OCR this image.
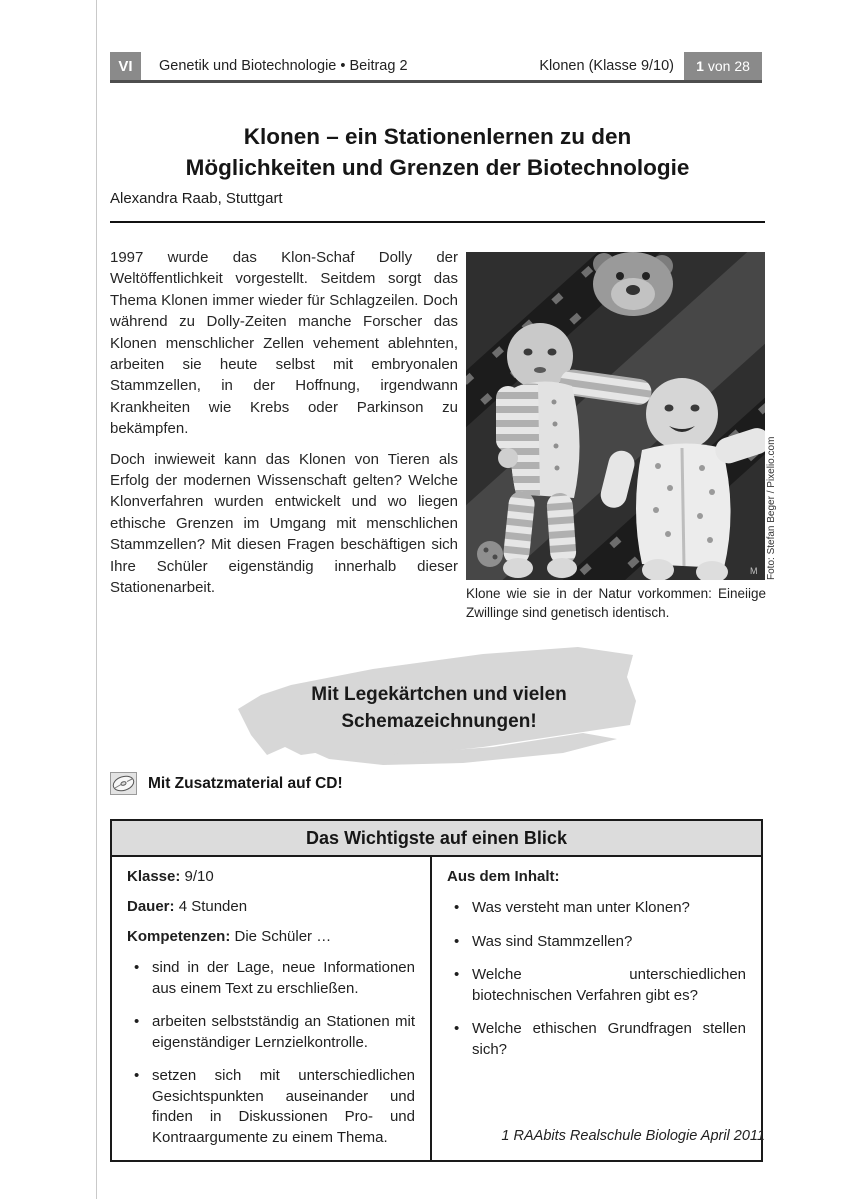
VI Genetik und Biotechnologie • Beitrag 2	Klonen (Klasse 9/10) 1 von 28
Klonen – ein Stationenlernen zu den
Möglichkeiten und Grenzen der Biotechnologie
Alexandra Raab, Stuttgart

1997 wurde das Klon-Schaf Dolly der Weltöffentlichkeit vorgestellt. Seitdem sorgt das Thema Klonen immer wieder für Schlagzeilen. Doch während zu Dolly-Zeiten manche Forscher das Klonen menschlicher Zellen vehement ablehnten, arbeiten sie heute selbst mit embryonalen Stammzellen, in der Hoffnung, irgendwann Krankheiten wie Krebs oder Parkinson zu bekämpfen.

Doch inwieweit kann das Klonen von Tieren als Erfolg der modernen Wissenschaft gelten? Welche Klonverfahren wurden entwickelt und wo liegen ethische Grenzen im Umgang mit menschlichen Stammzellen? Mit diesen Fragen beschäftigen sich Ihre Schüler eigenständig innerhalb dieser Stationenarbeit.

M Foto: Stefan Beger / Pixelio.com
Klone wie sie in der Natur vorkommen: Eineiige Zwillinge sind genetisch identisch.
Mit Legekärtchen und vielen
Schemazeichnungen!
Mit Zusatzmaterial auf CD!
Das Wichtigste auf einen Blick

Klasse: 9/10

Dauer: 4 Stunden

Kompetenzen: Die Schüler …

• sind in der Lage, neue Informationen aus einem Text zu erschließen.
• arbeiten selbstständig an Stationen mit eigenständiger Lernzielkontrolle.
• setzen sich mit unterschiedlichen Gesichtspunkten auseinander und finden in Diskussionen Pro- und Kontraargumente zu einem Thema.

Aus dem Inhalt:

• Was versteht man unter Klonen?
• Was sind Stammzellen?
• Welche unterschiedlichen biotechnischen Verfahren gibt es?
• Welche ethischen Grundfragen stellen sich?
1 RAAbits Realschule Biologie April 2011
